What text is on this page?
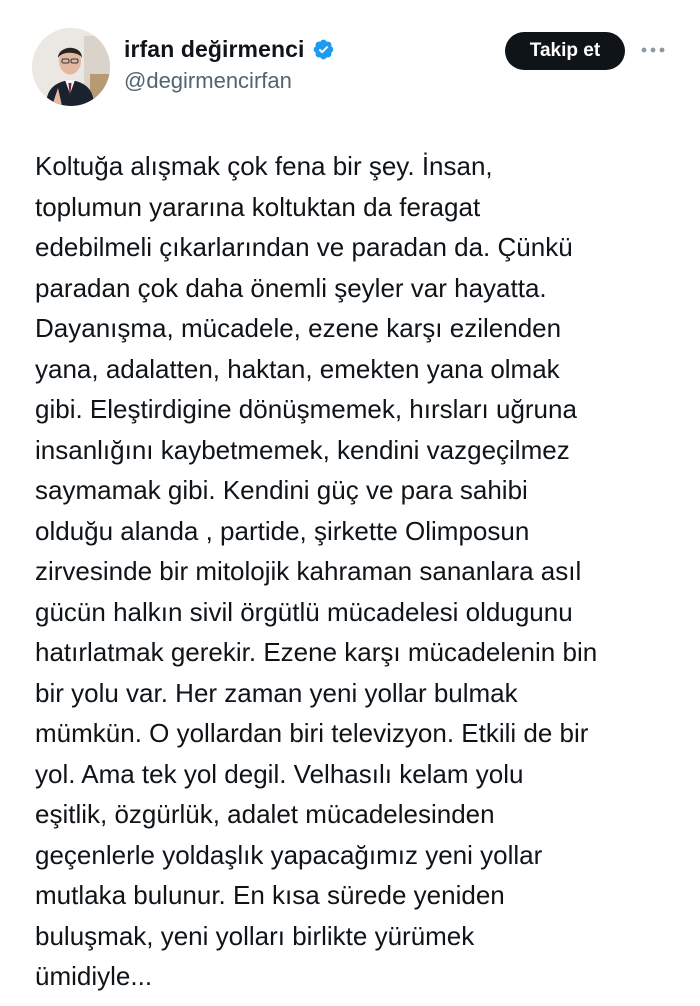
irfan değirmenci
@degirmencirfan
Takip et

Koltuğa alışmak çok fena bir şey. İnsan,
toplumun yararına koltuktan da feragat
edebilmeli çıkarlarından ve paradan da. Çünkü
paradan çok daha önemli şeyler var hayatta.
Dayanışma, mücadele, ezene karşı ezilenden
yana, adalatten, haktan, emekten yana olmak
gibi. Eleştirdigine dönüşmemek, hırsları uğruna
insanlığını kaybetmemek, kendini vazgeçilmez
saymamak gibi. Kendini güç ve para sahibi
olduğu alanda , partide, şirkette Olimposun
zirvesinde bir mitolojik kahraman sananlara asıl
gücün halkın sivil örgütlü mücadelesi oldugunu
hatırlatmak gerekir. Ezene karşı mücadelenin bin
bir yolu var. Her zaman yeni yollar bulmak
mümkün. O yollardan biri televizyon. Etkili de bir
yol. Ama tek yol degil. Velhasılı kelam yolu
eşitlik, özgürlük, adalet mücadelesinden
geçenlerle yoldaşlık yapacağımız yeni yollar
mutlaka bulunur. En kısa sürede yeniden
buluşmak, yeni yolları birlikte yürümek
ümidiyle...
